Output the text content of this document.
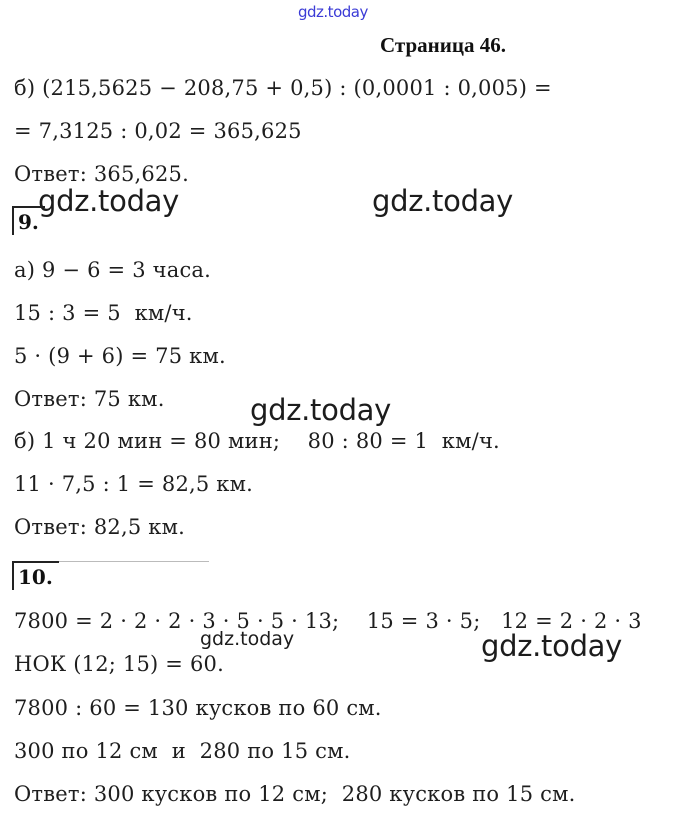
gdz.today
gdz.today	gdz.today
gdz.today
gdz.today	gdz.today
Страница 46.
б) (215,5625 − 208,75 + 0,5) : (0,0001 : 0,005) =
= 7,3125 : 0,02 = 365,625
Ответ: 365,625.
9.
а) 9 − 6 = 3 часа.
15 : 3 = 5  км/ч.
5 · (9 + 6) = 75 км.
Ответ: 75 км.
б) 1 ч 20 мин = 80 мин;    80 : 80 = 1  км/ч.
11 · 7,5 : 1 = 82,5 км.
Ответ: 82,5 км.
10.
7800 = 2 · 2 · 2 · 3 · 5 · 5 · 13;    15 = 3 · 5;   12 = 2 · 2 · 3
НОК (12; 15) = 60.
7800 : 60 = 130 кусков по 60 см.
300 по 12 см  и  280 по 15 см.
Ответ: 300 кусков по 12 см;  280 кусков по 15 см.
